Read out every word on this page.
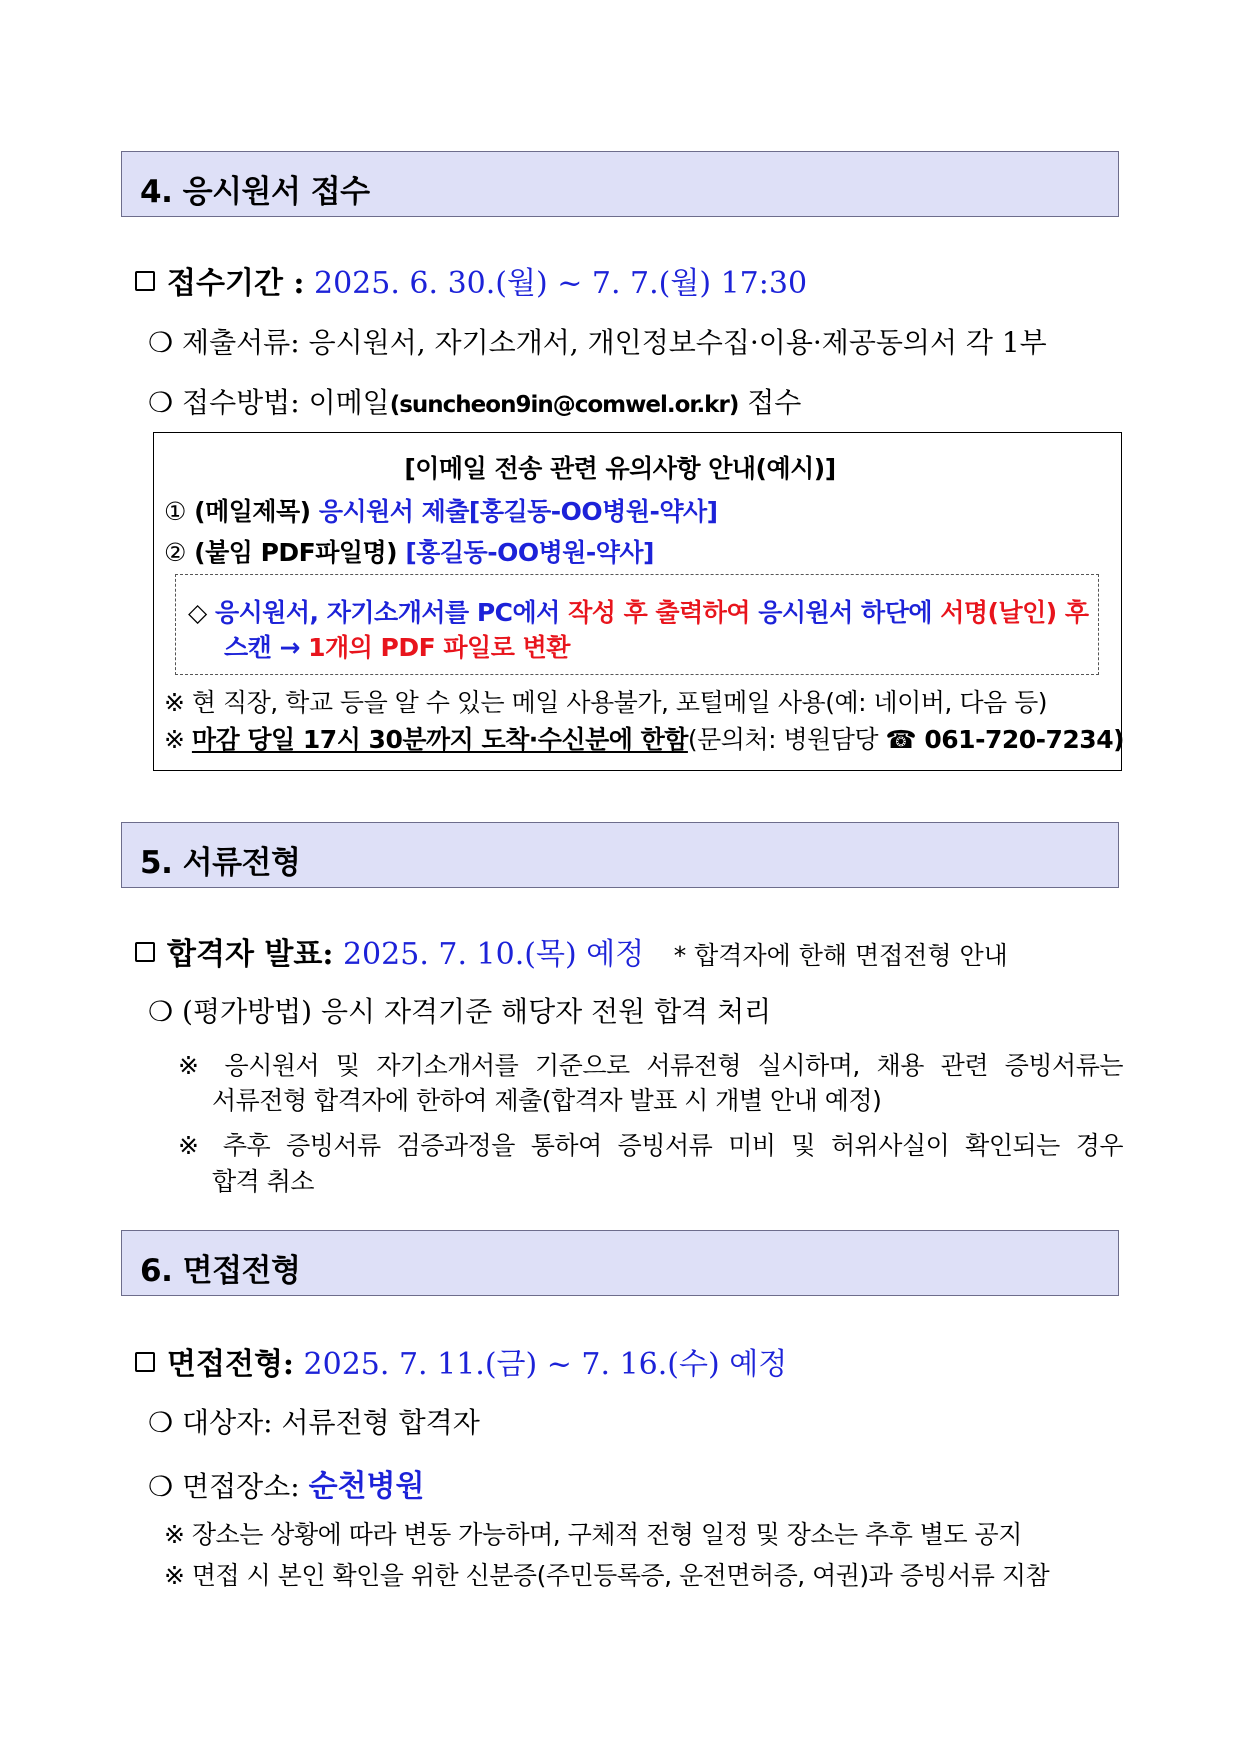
4. 응시원서 접수
접수기간 : 2025. 6. 30.(월) ~ 7. 7.(월) 17:30
❍ 제출서류: 응시원서, 자기소개서, 개인정보수집·이용·제공동의서 각 1부
❍ 접수방법: 이메일(suncheon9in@comwel.or.kr) 접수
[이메일 전송 관련 유의사항 안내(예시)]
① (메일제목) 응시원서 제출[홍길동-OO병원-약사]
② (붙임 PDF파일명) [홍길동-OO병원-약사]
◇ 응시원서, 자기소개서를 PC에서 작성 후 출력하여 응시원서 하단에 서명(날인) 후
스캔 → 1개의 PDF 파일로 변환
※ 현 직장, 학교 등을 알 수 있는 메일 사용불가, 포털메일 사용(예: 네이버, 다음 등)
※ 마감 당일 17시 30분까지 도착·수신분에 한함(문의처: 병원담당 ☎ 061-720-7234)
5. 서류전형
합격자 발표: 2025. 7. 10.(목) 예정 * 합격자에 한해 면접전형 안내
❍ (평가방법) 응시 자격기준 해당자 전원 합격 처리
※ 응시원서 및 자기소개서를 기준으로 서류전형 실시하며, 채용 관련 증빙서류는
서류전형 합격자에 한하여 제출(합격자 발표 시 개별 안내 예정)
※ 추후 증빙서류 검증과정을 통하여 증빙서류 미비 및 허위사실이 확인되는 경우
합격 취소
6. 면접전형
면접전형: 2025. 7. 11.(금) ~ 7. 16.(수) 예정
❍ 대상자: 서류전형 합격자
❍ 면접장소: 순천병원
※ 장소는 상황에 따라 변동 가능하며, 구체적 전형 일정 및 장소는 추후 별도 공지
※ 면접 시 본인 확인을 위한 신분증(주민등록증, 운전면허증, 여권)과 증빙서류 지참
